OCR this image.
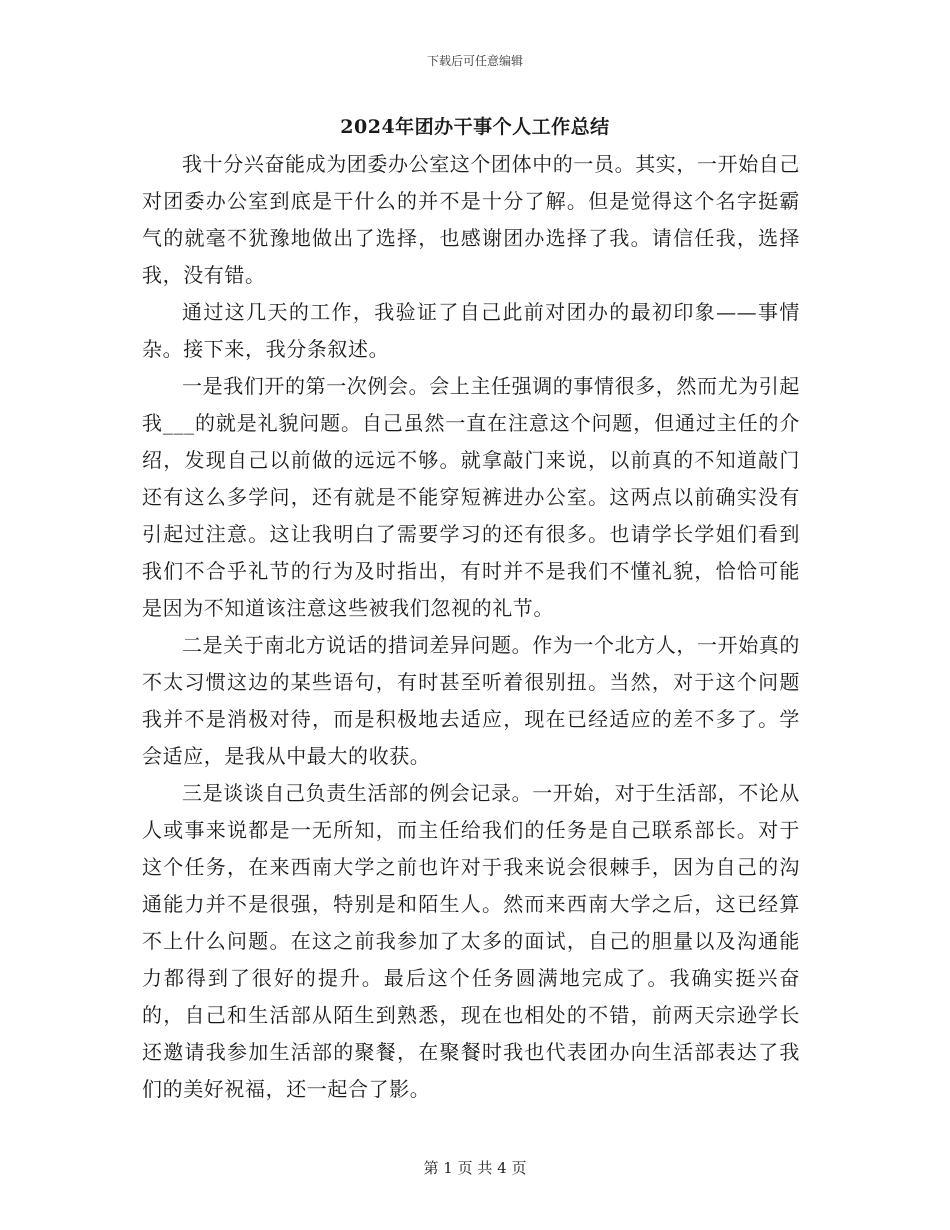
下载后可任意编辑
2024年团办干事个人工作总结

我十分兴奋能成为团委办公室这个团体中的一员。其实，一开始自己对团委办公室到底是干什么的并不是十分了解。但是觉得这个名字挺霸气的就毫不犹豫地做出了选择，也感谢团办选择了我。请信任我，选择我，没有错。

通过这几天的工作，我验证了自己此前对团办的最初印象——事情杂。接下来，我分条叙述。

一是我们开的第一次例会。会上主任强调的事情很多，然而尤为引起我___的就是礼貌问题。自己虽然一直在注意这个问题，但通过主任的介绍，发现自己以前做的远远不够。就拿敲门来说，以前真的不知道敲门还有这么多学问，还有就是不能穿短裤进办公室。这两点以前确实没有引起过注意。这让我明白了需要学习的还有很多。也请学长学姐们看到我们不合乎礼节的行为及时指出，有时并不是我们不懂礼貌，恰恰可能是因为不知道该注意这些被我们忽视的礼节。

二是关于南北方说话的措词差异问题。作为一个北方人，一开始真的不太习惯这边的某些语句，有时甚至听着很别扭。当然，对于这个问题我并不是消极对待，而是积极地去适应，现在已经适应的差不多了。学会适应，是我从中最大的收获。

三是谈谈自己负责生活部的例会记录。一开始，对于生活部，不论从人或事来说都是一无所知，而主任给我们的任务是自己联系部长。对于这个任务，在来西南大学之前也许对于我来说会很棘手，因为自己的沟通能力并不是很强，特别是和陌生人。然而来西南大学之后，这已经算不上什么问题。在这之前我参加了太多的面试，自己的胆量以及沟通能力都得到了很好的提升。最后这个任务圆满地完成了。我确实挺兴奋的，自己和生活部从陌生到熟悉，现在也相处的不错，前两天宗逊学长还邀请我参加生活部的聚餐，在聚餐时我也代表团办向生活部表达了我们的美好祝福，还一起合了影。

第 1 页 共 4 页
